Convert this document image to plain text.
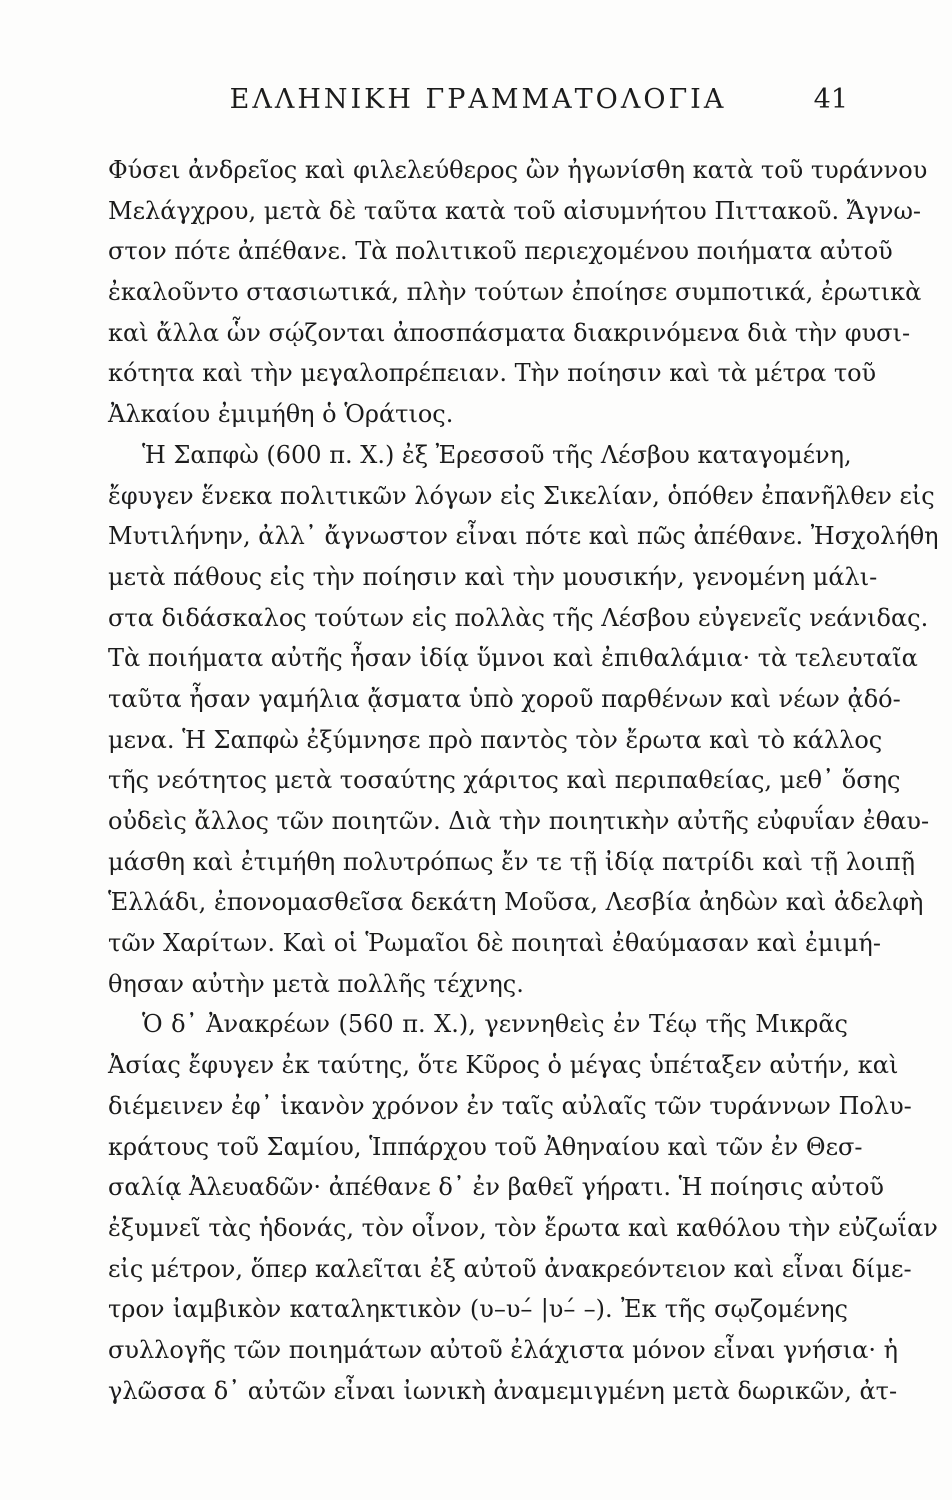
ΕΛΛΗΝΙΚΗ ΓΡΑΜΜΑΤΟΛΟΓΙΑ	41
Φύσει ἀνδρεῖος καὶ φιλελεύθερος ὢν ἠγωνίσθη κατὰ τοῦ τυράννου
Μελάγχρου, μετὰ δὲ ταῦτα κατὰ τοῦ αἰσυμνήτου Πιττακοῦ. Ἄγνω-
στον πότε ἀπέθανε. Τὰ πολιτικοῦ περιεχομένου ποιήματα αὐτοῦ
ἐκαλοῦντο στασιωτικά, πλὴν τούτων ἐποίησε συμποτικά, ἐρωτικὰ
καὶ ἄλλα ὧν σῴζονται ἀποσπάσματα διακρινόμενα διὰ τὴν φυσι-
κότητα καὶ τὴν μεγαλοπρέπειαν. Τὴν ποίησιν καὶ τὰ μέτρα τοῦ
Ἀλκαίου ἐμιμήθη ὁ Ὁράτιος.
Ἡ Σαπφὼ (600 π. Χ.) ἐξ Ἐρεσσοῦ τῆς Λέσβου καταγομένη,
ἔφυγεν ἕνεκα πολιτικῶν λόγων εἰς Σικελίαν, ὁπόθεν ἐπανῆλθεν εἰς
Μυτιλήνην, ἀλλ᾽ ἄγνωστον εἶναι πότε καὶ πῶς ἀπέθανε. Ἠσχολήθη
μετὰ πάθους εἰς τὴν ποίησιν καὶ τὴν μουσικήν, γενομένη μάλι-
στα διδάσκαλος τούτων εἰς πολλὰς τῆς Λέσβου εὐγενεῖς νεάνιδας.
Τὰ ποιήματα αὐτῆς ἦσαν ἰδίᾳ ὕμνοι καὶ ἐπιθαλάμια· τὰ τελευταῖα
ταῦτα ἦσαν γαμήλια ᾄσματα ὑπὸ χοροῦ παρθένων καὶ νέων ᾀδό-
μενα. Ἡ Σαπφὼ ἐξύμνησε πρὸ παντὸς τὸν ἔρωτα καὶ τὸ κάλλος
τῆς νεότητος μετὰ τοσαύτης χάριτος καὶ περιπαθείας, μεθ᾽ ὅσης
οὐδεὶς ἄλλος τῶν ποιητῶν. Διὰ τὴν ποιητικὴν αὐτῆς εὐφυΐαν ἐθαυ-
μάσθη καὶ ἐτιμήθη πολυτρόπως ἔν τε τῇ ἰδίᾳ πατρίδι καὶ τῇ λοιπῇ
Ἑλλάδι, ἐπονομασθεῖσα δεκάτη Μοῦσα, Λεσβία ἀηδὼν καὶ ἀδελφὴ
τῶν Χαρίτων. Καὶ οἱ Ῥωμαῖοι δὲ ποιηταὶ ἐθαύμασαν καὶ ἐμιμή-
θησαν αὐτὴν μετὰ πολλῆς τέχνης.
Ὁ δ᾽ Ἀνακρέων (560 π. Χ.), γεννηθεὶς ἐν Τέῳ τῆς Μικρᾶς
Ἀσίας ἔφυγεν ἐκ ταύτης, ὅτε Κῦρος ὁ μέγας ὑπέταξεν αὐτήν, καὶ
διέμεινεν ἐφ᾽ ἱκανὸν χρόνον ἐν ταῖς αὐλαῖς τῶν τυράννων Πολυ-
κράτους τοῦ Σαμίου, Ἱππάρχου τοῦ Ἀθηναίου καὶ τῶν ἐν Θεσ-
σαλίᾳ Ἀλευαδῶν· ἀπέθανε δ᾽ ἐν βαθεῖ γήρατι. Ἡ ποίησις αὐτοῦ
ἐξυμνεῖ τὰς ἡδονάς, τὸν οἶνον, τὸν ἔρωτα καὶ καθόλου τὴν εὐζωΐαν
εἰς μέτρον, ὅπερ καλεῖται ἐξ αὐτοῦ ἀνακρεόντειον καὶ εἶναι δίμε-
τρον ἰαμβικὸν καταληκτικὸν (υ–υ–́ |υ–́ –). Ἐκ τῆς σῳζομένης
συλλογῆς τῶν ποιημάτων αὐτοῦ ἐλάχιστα μόνον εἶναι γνήσια· ἡ
γλῶσσα δ᾽ αὐτῶν εἶναι ἰωνικὴ ἀναμεμιγμένη μετὰ δωρικῶν, ἀτ-
